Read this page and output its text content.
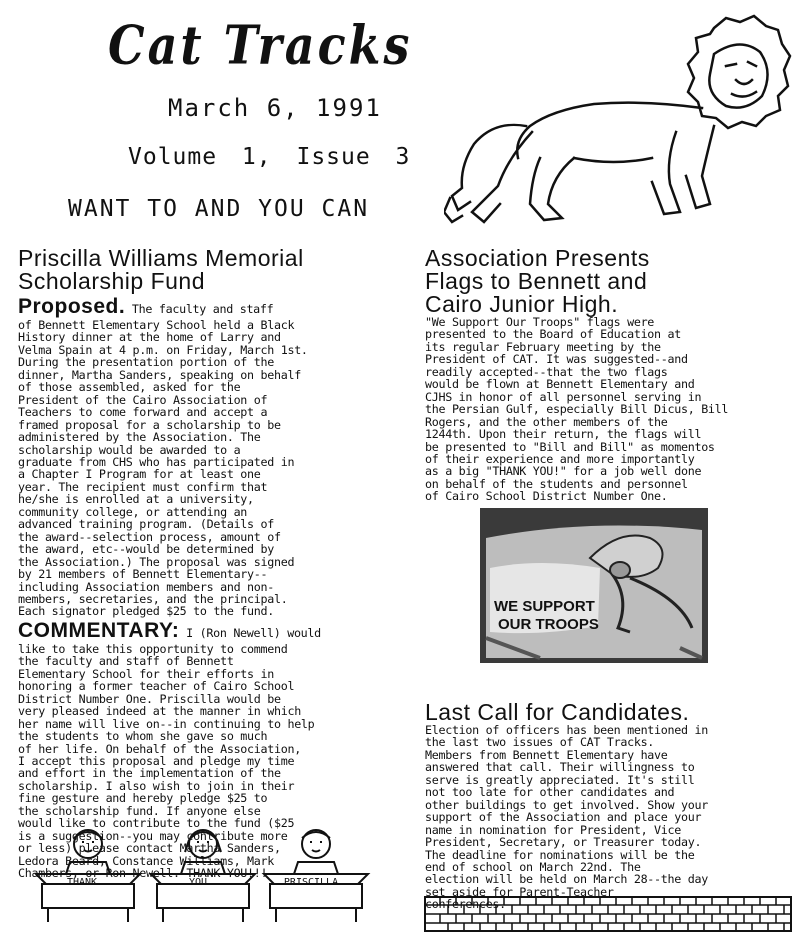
Cat Tracks
March 6, 1991
Volume 1, Issue 3
WANT TO AND YOU CAN
Priscilla Williams Memorial
Scholarship Fund
Proposed. The faculty and staff

of Bennett Elementary School held a Black
History dinner at the home of Larry and
Velma Spain at 4 p.m. on Friday, March 1st.
During the presentation portion of the
dinner, Martha Sanders, speaking on behalf
of those assembled, asked for the
President of the Cairo Association of
Teachers to come forward and accept a
framed proposal for a scholarship to be
administered by the Association. The
scholarship would be awarded to a
graduate from CHS who has participated in
a Chapter I Program for at least one
year. The recipient must confirm that
he/she is enrolled at a university,
community college, or attending an
advanced training program. (Details of
the award--selection process, amount of
the award, etc--would be determined by
the Association.) The proposal was signed
by 21 members of Bennett Elementary--
including Association members and non-
members, secretaries, and the principal.
Each signator pledged $25 to the fund.

COMMENTARY: I (Ron Newell) would

like to take this opportunity to commend
the faculty and staff of Bennett
Elementary School for their efforts in
honoring a former teacher of Cairo School
District Number One. Priscilla would be
very pleased indeed at the manner in which
her name will live on--in continuing to help
the students to whom she gave so much
of her life. On behalf of the Association,
I accept this proposal and pledge my time
and effort in the implementation of the
scholarship. I also wish to join in their
fine gesture and hereby pledge $25 to
the scholarship fund. If anyone else
would like to contribute to the fund ($25
is a suggestion--you may contribute more
or less) please contact Martha Sanders,
Ledora Beard, Constance Williams, Mark
Chambers, or Ron Newell. THANK YOU!!!

Association Presents
Flags to Bennett and
Cairo Junior High.

"We Support Our Troops" flags were
presented to the Board of Education at
its regular February meeting by the
President of CAT. It was suggested--and
readily accepted--that the two flags
would be flown at Bennett Elementary and
CJHS in honor of all personnel serving in
the Persian Gulf, especially Bill Dicus, Bill
Rogers, and the other members of the
1244th. Upon their return, the flags will
be presented to "Bill and Bill" as momentos
of their experience and more importantly
as a big "THANK YOU!" for a job well done
on behalf of the students and personnel
of Cairo School District Number One.

WE SUPPORT
OUR TROOPS
Last Call for Candidates.

Election of officers has been mentioned in
the last two issues of CAT Tracks.
Members from Bennett Elementary have
answered that call. Their willingness to
serve is greatly appreciated. It's still
not too late for other candidates and
other buildings to get involved. Show your
support of the Association and place your
name in nomination for President, Vice
President, Secretary, or Treasurer today.
The deadline for nominations will be the
end of school on March 22nd. The
election will be held on March 28--the day
set aside for Parent-Teacher
conferences.

THANK	YOU	PRISCILLA
